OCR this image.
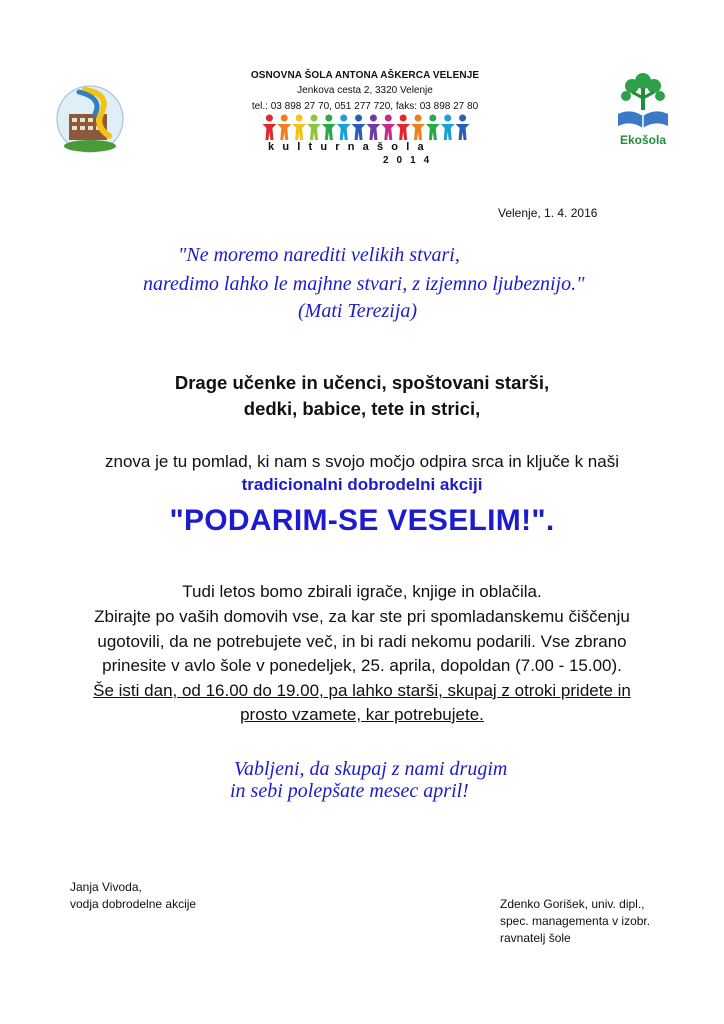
OSNOVNA ŠOLA ANTONA AŠKERCA VELENJE
Jenkova cesta 2, 3320 Velenje
tel.: 03 898 27 70, 051 277 720, faks: 03 898 27 80
kulturnašola
2014
Ekošola
Velenje, 1. 4. 2016
"Ne moremo narediti velikih stvari,
naredimo lahko le majhne stvari, z izjemno ljubeznijo."
(Mati Terezija)
Drage učenke in učenci, spoštovani starši,
dedki, babice, tete in strici,
znova je tu pomlad, ki nam s svojo močjo odpira srca in ključe k naši
tradicionalni dobrodelni akciji
"PODARIM-SE VESELIM!".
Tudi letos bomo zbirali igrače, knjige in oblačila.
Zbirajte po vaših domovih vse, za kar ste pri spomladanskemu čiščenju
ugotovili, da ne potrebujete več, in bi radi nekomu podarili. Vse zbrano
prinesite v avlo šole v ponedeljek, 25. aprila, dopoldan (7.00 - 15.00).
Še isti dan, od 16.00 do 19.00, pa lahko starši, skupaj z otroki pridete in
prosto vzamete, kar potrebujete.
Vabljeni, da skupaj z nami drugim
in sebi polepšate mesec april!
Janja Vivoda,
vodja dobrodelne akcije	Zdenko Gorišek, univ. dipl.,
spec. managementa v izobr.
ravnatelj šole
